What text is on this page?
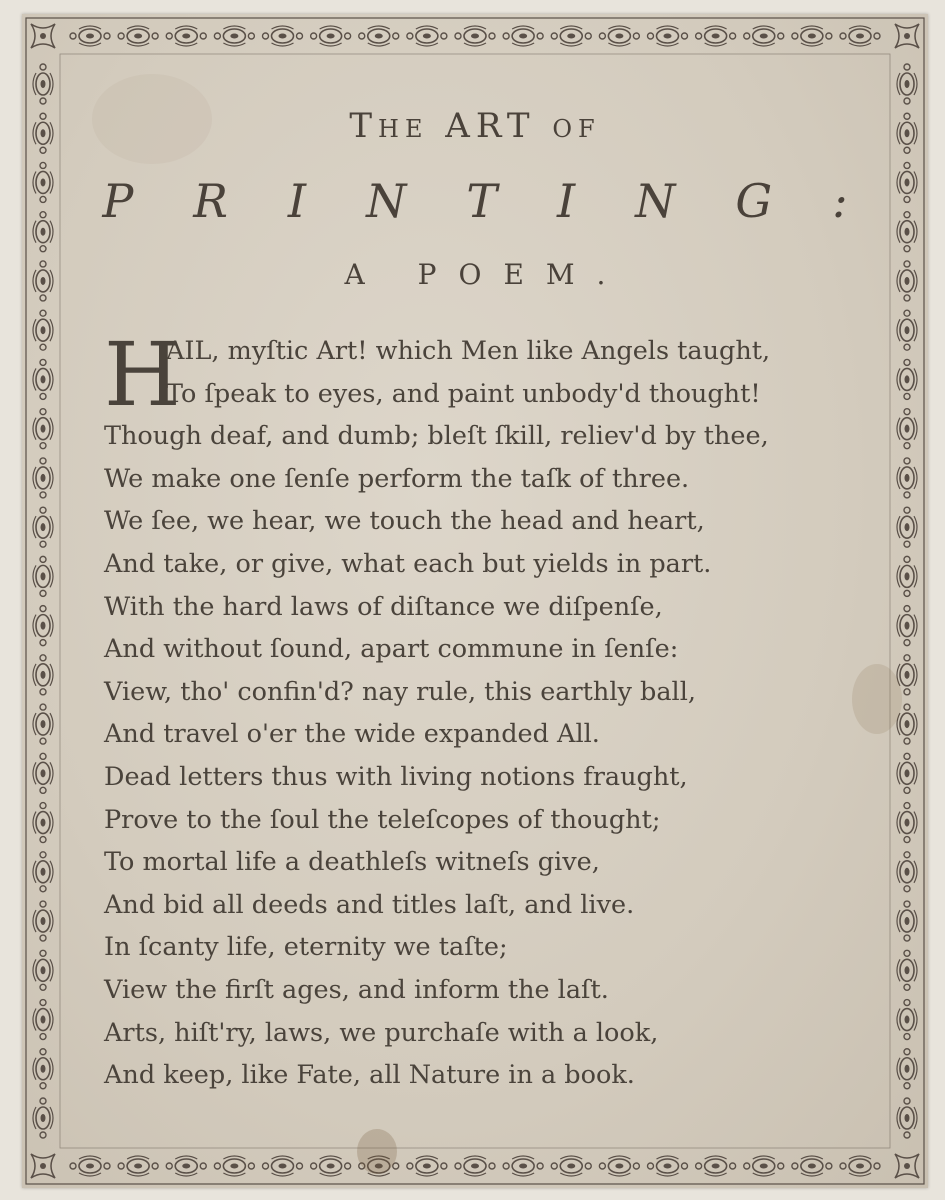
The ART of
PRINTING:
A POEM.
H
AIL, myſtic Art! which Men like Angels taught,
To ſpeak to eyes, and paint unbody'd thought!
Though deaf, and dumb; bleſt ſkill, reliev'd by thee,
We make one ſenſe perform the taſk of three.
We ſee, we hear, we touch the head and heart,
And take, or give, what each but yields in part.
With the hard laws of diſtance we diſpenſe,
And without ſound, apart commune in ſenſe:
View, tho' confin'd? nay rule, this earthly ball,
And travel o'er the wide expanded All.
Dead letters thus with living notions fraught,
Prove to the ſoul the teleſcopes of thought;
To mortal life a deathleſs witneſs give,
And bid all deeds and titles laſt, and live.
In ſcanty life, eternity we taſte;
View the firſt ages, and inform the laſt.
Arts, hiſt'ry, laws, we purchaſe with a look,
And keep, like Fate, all Nature in a book.
